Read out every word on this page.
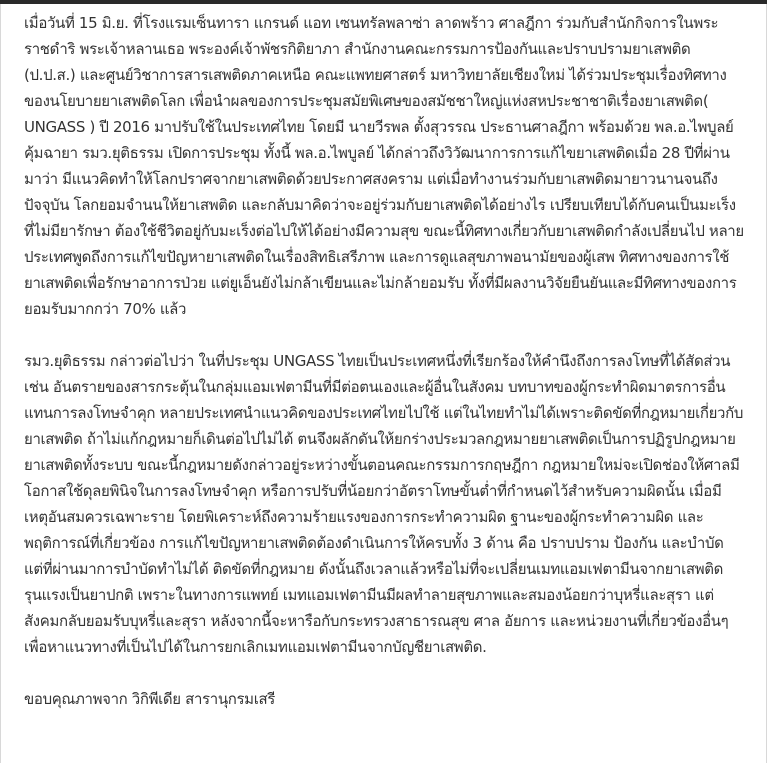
เมื่อวันที่ 15 มิ.ย. ที่โรงแรมเซ็นทารา แกรนด์ แอท เซนทรัลพลาซ่า ลาดพร้าว ศาลฎีกา ร่วมกับสำนักกิจการในพระราชดำริ พระเจ้าหลานเธอ พระองค์เจ้าพัชรกิติยาภา สำนักงานคณะกรรมการป้องกันและปราบปรามยาเสพติด (ป.ป.ส.) และศูนย์วิชาการสารเสพติดภาคเหนือ คณะแพทยศาสตร์ มหาวิทยาลัยเชียงใหม่ ได้ร่วมประชุมเรื่องทิศทางของนโยบายยาเสพติดโลก เพื่อนำผลของการประชุมสมัยพิเศษของสมัชชาใหญ่แห่งสหประชาชาติเรื่องยาเสพติด( UNGASS ) ปี 2016 มาปรับใช้ในประเทศไทย โดยมี นายวีรพล ตั้งสุวรรณ ประธานศาลฎีกา พร้อมด้วย พล.อ.ไพบูลย์ คุ้มฉายา รมว.ยุติธรรม เปิดการประชุม ทั้งนี้ พล.อ.ไพบูลย์ ได้กล่าวถึงวิวัฒนาการการแก้ไขยาเสพติดเมื่อ 28 ปีที่ผ่านมาว่า มีแนวคิดทำให้โลกปราศจากยาเสพติดด้วยประกาศสงคราม แต่เมื่อทำงานร่วมกับยาเสพติดมายาวนานจนถึงปัจจุบัน โลกยอมจำนนให้ยาเสพติด และกลับมาคิดว่าจะอยู่ร่วมกับยาเสพติดได้อย่างไร เปรียบเทียบได้กับคนเป็นมะเร็งที่ไม่มียารักษา ต้องใช้ชีวิตอยู่กับมะเร็งต่อไปให้ได้อย่างมีความสุข ขณะนี้ทิศทางเกี่ยวกับยาเสพติดกำลังเปลี่ยนไป หลายประเทศพูดถึงการแก้ไขปัญหายาเสพติดในเรื่องสิทธิเสรีภาพ และการดูแลสุขภาพอนามัยของผู้เสพ ทิศทางของการใช้ยาเสพติดเพื่อรักษาอาการป่วย แต่ยูเอ็นยังไม่กล้าเขียนและไม่กล้ายอมรับ ทั้งที่มีผลงานวิจัยยืนยันและมีทิศทางของการยอมรับมากกว่า 70% แล้ว

รมว.ยุติธรรม กล่าวต่อไปว่า ในที่ประชุม UNGASS ไทยเป็นประเทศหนึ่งที่เรียกร้องให้คำนึงถึงการลงโทษที่ได้สัดส่วน เช่น อันตรายของสารกระตุ้นในกลุ่มแอมเฟตามีนที่มีต่อตนเองและผู้อื่นในสังคม บทบาทของผู้กระทำผิดมาตรการอื่นแทนการลงโทษจำคุก หลายประเทศนำแนวคิดของประเทศไทยไปใช้ แต่ในไทยทำไม่ได้เพราะติดขัดที่กฎหมายเกี่ยวกับยาเสพติด ถ้าไม่แก้กฎหมายก็เดินต่อไปไม่ได้ ตนจึงผลักดันให้ยกร่างประมวลกฎหมายยาเสพติดเป็นการปฏิรูปกฎหมายยาเสพติดทั้งระบบ ขณะนี้กฎหมายดังกล่าวอยู่ระหว่างขั้นตอนคณะกรรมการกฤษฎีกา กฎหมายใหม่จะเปิดช่องให้ศาลมีโอกาสใช้ดุลยพินิจในการลงโทษจำคุก หรือการปรับที่น้อยกว่าอัตราโทษขั้นต่ำที่กำหนดไว้สำหรับความผิดนั้น เมื่อมีเหตุอันสมควรเฉพาะราย โดยพิเคราะห์ถึงความร้ายแรงของการกระทำความผิด ฐานะของผู้กระทำความผิด และพฤติการณ์ที่เกี่ยวข้อง การแก้ไขปัญหายาเสพติดต้องดำเนินการให้ครบทั้ง 3 ด้าน คือ ปราบปราม ป้องกัน และบำบัด แต่ที่ผ่านมาการบำบัดทำไม่ได้ ติดขัดที่กฎหมาย ดังนั้นถึงเวลาแล้วหรือไม่ที่จะเปลี่ยนเมทแอมเฟตามีนจากยาเสพติดรุนแรงเป็นยาปกติ เพราะในทางการแพทย์ เมทแอมเฟตามีนมีผลทำลายสุขภาพและสมองน้อยกว่าบุหรี่และสุรา แต่สังคมกลับยอมรับบุหรี่และสุรา หลังจากนี้จะหารือกับกระทรวงสาธารณสุข ศาล อัยการ และหน่วยงานที่เกี่ยวข้องอื่นๆ เพื่อหาแนวทางที่เป็นไปได้ในการยกเลิกเมทแอมเฟตามีนจากบัญชียาเสพติด.

ขอบคุณภาพจาก วิกิพีเดีย สารานุกรมเสรี
